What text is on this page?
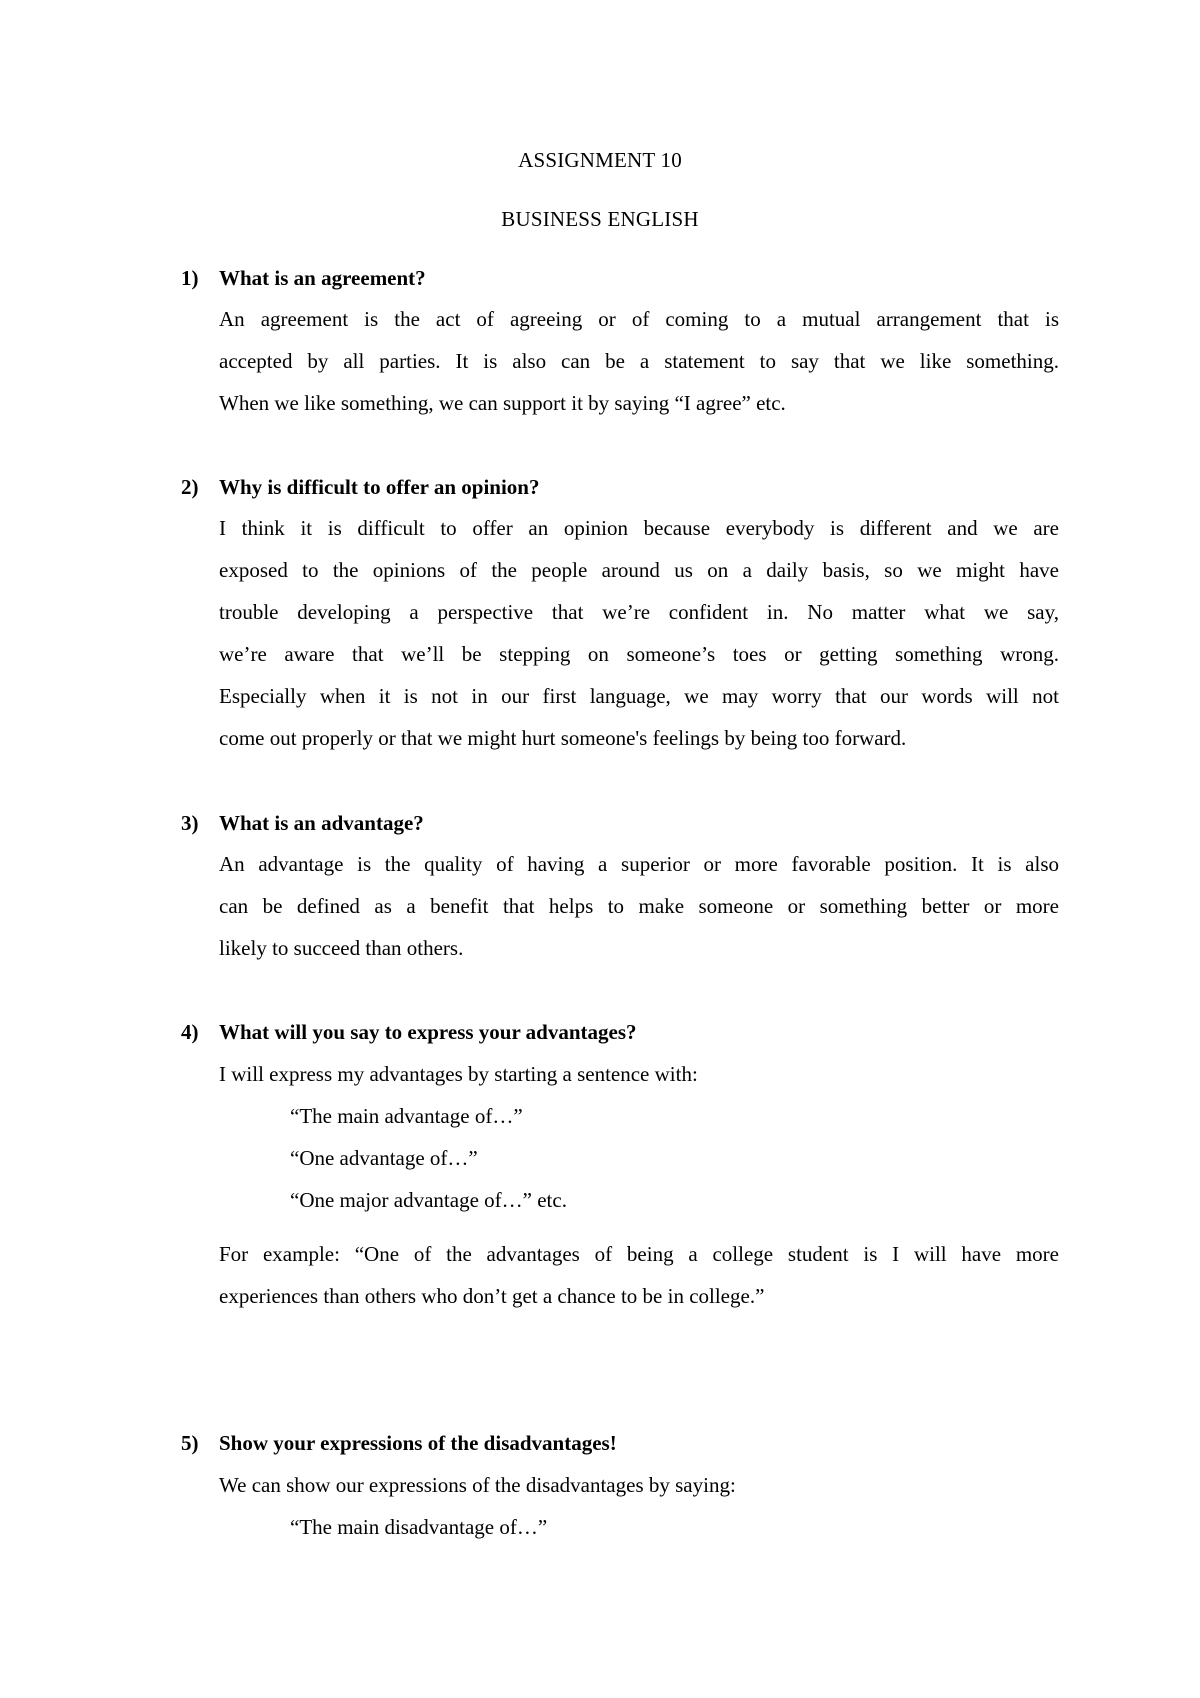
ASSIGNMENT 10
BUSINESS ENGLISH
1) What is an agreement?
An agreement is the act of agreeing or of coming to a mutual arrangement that is
accepted by all parties. It is also can be a statement to say that we like something.
When we like something, we can support it by saying “I agree” etc.
2) Why is difficult to offer an opinion?
I think it is difficult to offer an opinion because everybody is different and we are
exposed to the opinions of the people around us on a daily basis, so we might have
trouble developing a perspective that we’re confident in. No matter what we say,
we’re aware that we’ll be stepping on someone’s toes or getting something wrong.
Especially when it is not in our first language, we may worry that our words will not
come out properly or that we might hurt someone's feelings by being too forward.
3) What is an advantage?
An advantage is the quality of having a superior or more favorable position. It is also
can be defined as a benefit that helps to make someone or something better or more
likely to succeed than others.
4) What will you say to express your advantages?
I will express my advantages by starting a sentence with:
“The main advantage of…”
“One advantage of…”
“One major advantage of…” etc.
For example: “One of the advantages of being a college student is I will have more
experiences than others who don’t get a chance to be in college.”
5) Show your expressions of the disadvantages!
We can show our expressions of the disadvantages by saying:
“The main disadvantage of…”
